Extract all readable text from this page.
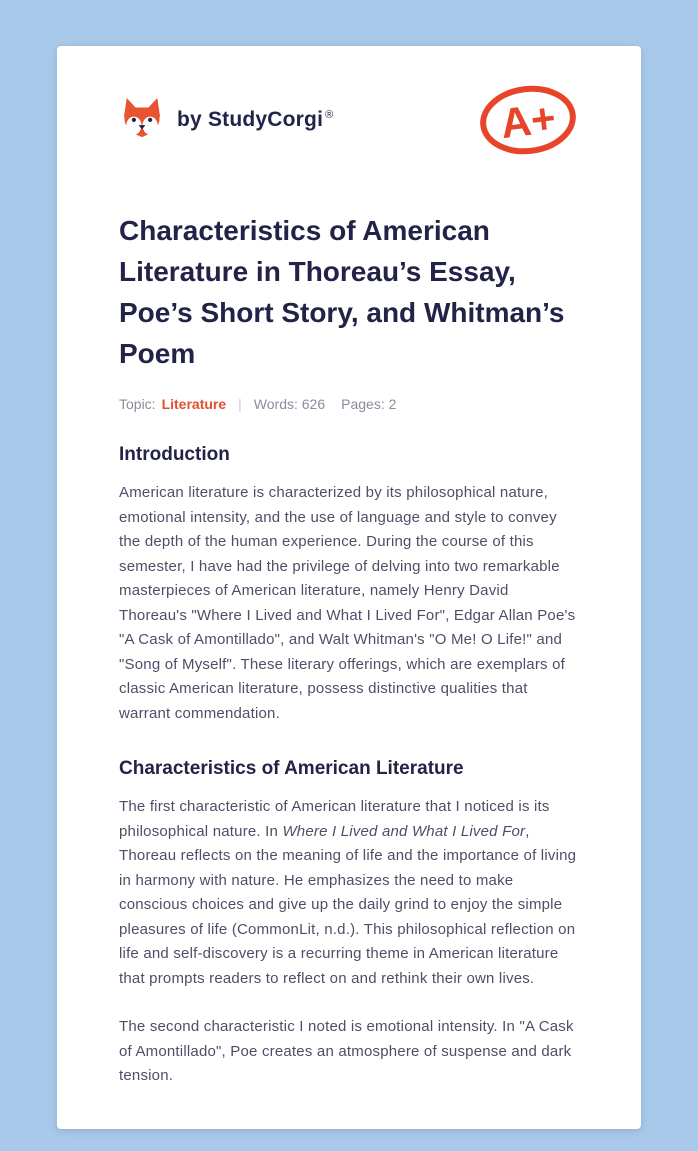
by StudyCorgi ®	A+
Characteristics of American Literature in Thoreau’s Essay, Poe’s Short Story, and Whitman’s Poem
Topic: Literature | Words: 626 Pages: 2
Introduction

American literature is characterized by its philosophical nature, emotional intensity, and the use of language and style to convey the depth of the human experience. During the course of this semester, I have had the privilege of delving into two remarkable masterpieces of American literature, namely Henry David Thoreau's "Where I Lived and What I Lived For", Edgar Allan Poe's "A Cask of Amontillado", and Walt Whitman's "O Me! O Life!" and "Song of Myself". These literary offerings, which are exemplars of classic American literature, possess distinctive qualities that warrant commendation.

Characteristics of American Literature

The first characteristic of American literature that I noticed is its philosophical nature. In Where I Lived and What I Lived For, Thoreau reflects on the meaning of life and the importance of living in harmony with nature. He emphasizes the need to make conscious choices and give up the daily grind to enjoy the simple pleasures of life (CommonLit, n.d.). This philosophical reflection on life and self-discovery is a recurring theme in American literature that prompts readers to reflect on and rethink their own lives.

The second characteristic I noted is emotional intensity. In "A Cask of Amontillado", Poe creates an atmosphere of suspense and dark tension.
